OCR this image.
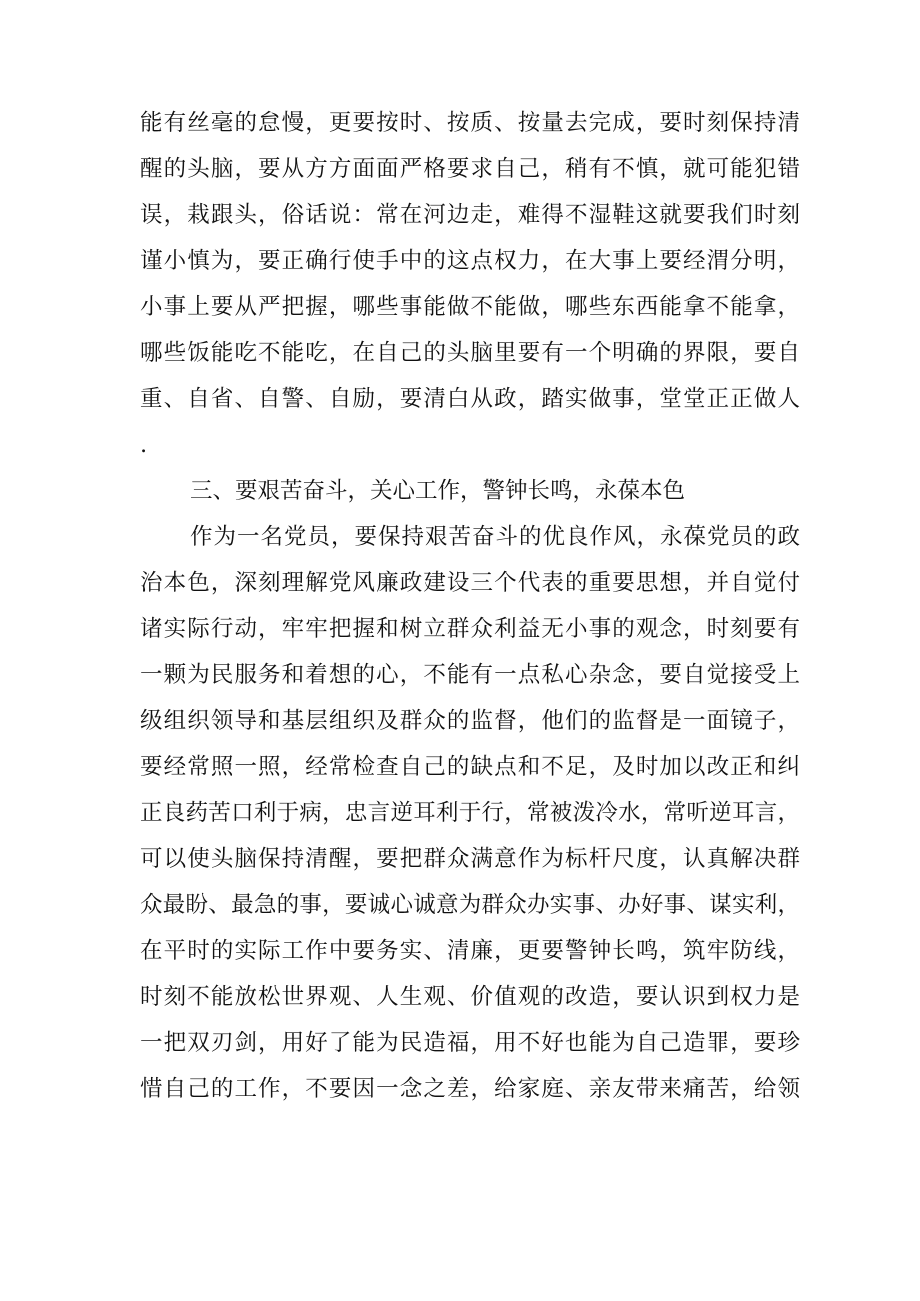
能有丝毫的怠慢，更要按时、按质、按量去完成，要时刻保持清
醒的头脑，要从方方面面严格要求自己，稍有不慎，就可能犯错
误，栽跟头，俗话说：常在河边走，难得不湿鞋这就要我们时刻
谨小慎为，要正确行使手中的这点权力，在大事上要经渭分明，
小事上要从严把握，哪些事能做不能做，哪些东西能拿不能拿，
哪些饭能吃不能吃，在自己的头脑里要有一个明确的界限，要自
重、自省、自警、自励，要清白从政，踏实做事，堂堂正正做人
.
三、要艰苦奋斗，关心工作，警钟长鸣，永葆本色
作为一名党员，要保持艰苦奋斗的优良作风，永葆党员的政
治本色，深刻理解党风廉政建设三个代表的重要思想，并自觉付
诸实际行动，牢牢把握和树立群众利益无小事的观念，时刻要有
一颗为民服务和着想的心，不能有一点私心杂念，要自觉接受上
级组织领导和基层组织及群众的监督，他们的监督是一面镜子，
要经常照一照，经常检查自己的缺点和不足，及时加以改正和纠
正良药苦口利于病，忠言逆耳利于行，常被泼冷水，常听逆耳言，
可以使头脑保持清醒，要把群众满意作为标杆尺度，认真解决群
众最盼、最急的事，要诚心诚意为群众办实事、办好事、谋实利，
在平时的实际工作中要务实、清廉，更要警钟长鸣，筑牢防线，
时刻不能放松世界观、人生观、价值观的改造，要认识到权力是
一把双刃剑，用好了能为民造福，用不好也能为自己造罪，要珍
惜自己的工作，不要因一念之差，给家庭、亲友带来痛苦，给领
